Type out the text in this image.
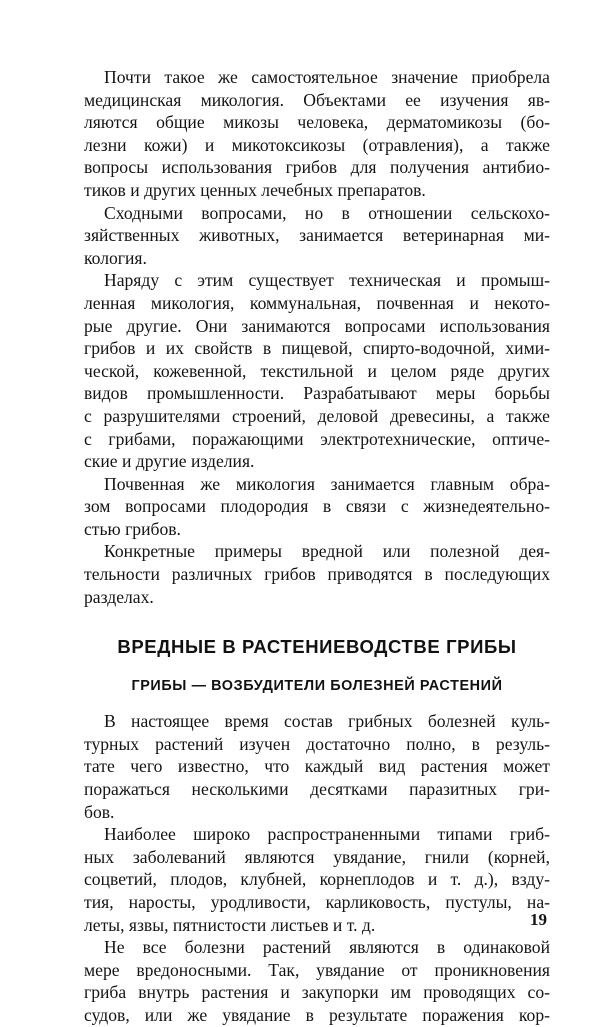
Почти такое же самостоятельное значение приобрела
медицинская микология. Объектами ее изучения яв-
ляются общие микозы человека, дерматомикозы (бо-
лезни кожи) и микотоксикозы (отравления), а также
вопросы использования грибов для получения антибио-
тиков и других ценных лечебных препаратов.

Сходными вопросами, но в отношении сельскохо-
зяйственных животных, занимается ветеринарная ми-
кология.

Наряду с этим существует техническая и промыш-
ленная микология, коммунальная, почвенная и некото-
рые другие. Они занимаются вопросами использования
грибов и их свойств в пищевой, спирто-водочной, хими-
ческой, кожевенной, текстильной и целом ряде других
видов промышленности. Разрабатывают меры борьбы
с разрушителями строений, деловой древесины, а также
с грибами, поражающими электротехнические, оптиче-
ские и другие изделия.

Почвенная же микология занимается главным обра-
зом вопросами плодородия в связи с жизнедеятельно-
стью грибов.

Конкретные примеры вредной или полезной дея-
тельности различных грибов приводятся в последующих
разделах.

ВРЕДНЫЕ В РАСТЕНИЕВОДСТВЕ ГРИБЫ
ГРИБЫ — ВОЗБУДИТЕЛИ БОЛЕЗНЕЙ РАСТЕНИЙ

В настоящее время состав грибных болезней куль-
турных растений изучен достаточно полно, в резуль-
тате чего известно, что каждый вид растения может
поражаться несколькими десятками паразитных гри-
бов.

Наиболее широко распространенными типами гриб-
ных заболеваний являются увядание, гнили (корней,
соцветий, плодов, клубней, корнеплодов и т. д.), взду-
тия, наросты, уродливости, карликовость, пустулы, на-
леты, язвы, пятнистости листьев и т. д.

Не все болезни растений являются в одинаковой
мере вредоносными. Так, увядание от проникновения
гриба внутрь растения и закупорки им проводящих со-
судов, или же увядание в результате поражения кор-

19
